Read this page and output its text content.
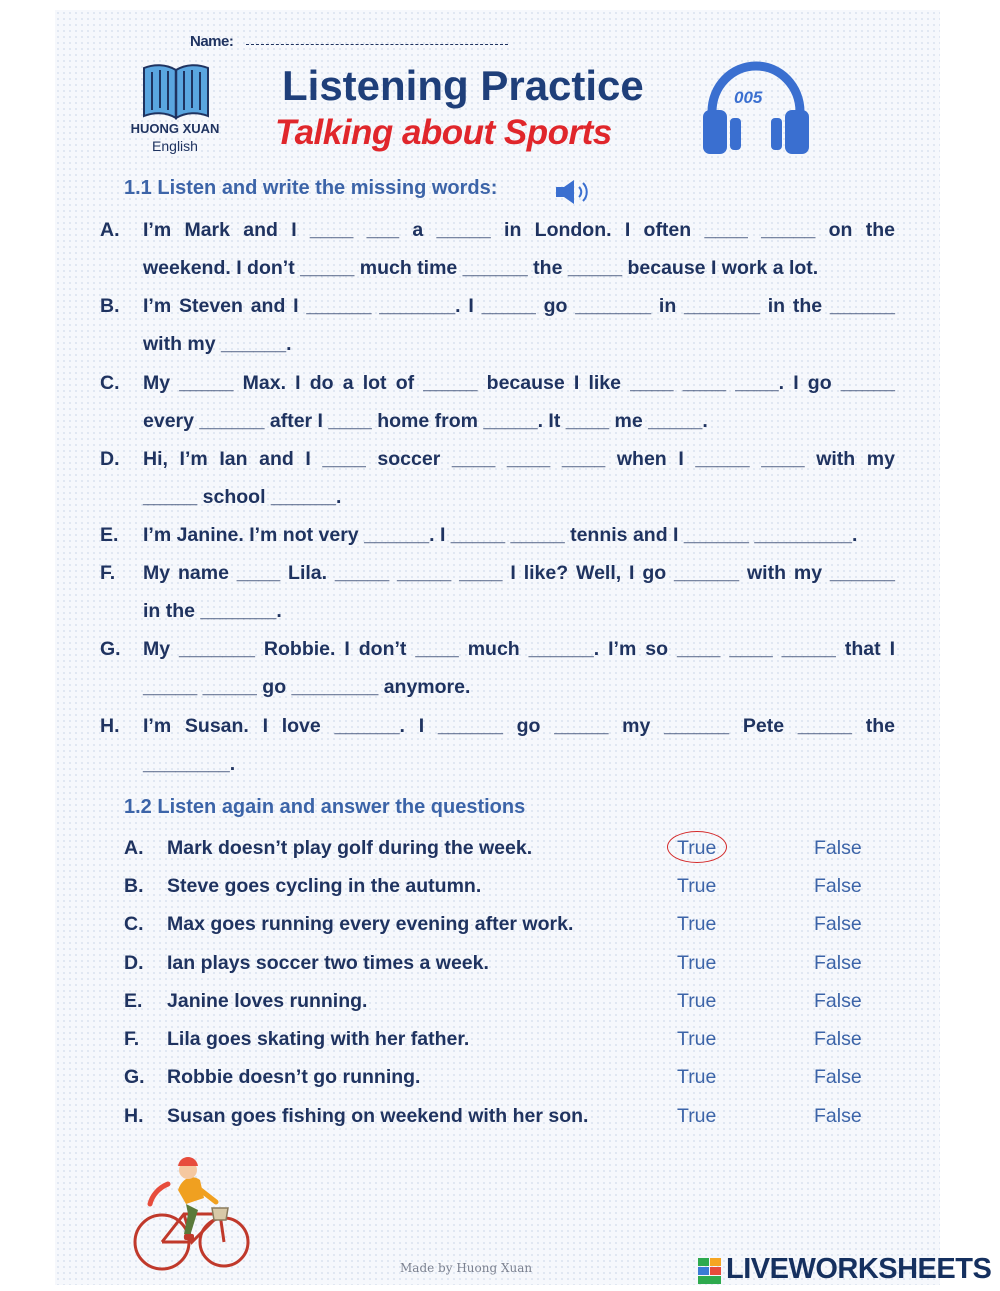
Name:
HUONG XUAN
English
Listening Practice
Talking about Sports
005
1.1 Listen and write the missing words:
A. I’m Mark and I ____ ___ a _____ in London. I often ____ _____ on the
weekend. I don’t _____ much time ______ the _____ because I work a lot.
B. I’m Steven and I ______ _______. I _____ go _______ in _______ in the ______
with my ______.
C. My _____ Max. I do a lot of _____ because I like ____ ____ ____. I go _____
every ______ after I ____ home from _____. It ____ me _____.
D. Hi, I’m Ian and I ____ soccer ____ ____ ____ when I _____ ____ with my
_____ school ______.
E. I’m Janine. I’m not very ______. I _____ _____ tennis and I ______ _________.
F. My name ____ Lila. _____ _____ ____ I like? Well, I go ______ with my ______
in the _______.
G. My _______ Robbie. I don’t ____ much ______. I’m so ____ ____ _____ that I
_____ _____ go ________ anymore.
H. I’m Susan. I love ______. I ______ go _____ my ______ Pete _____ the
________.
1.2 Listen again and answer the questions
A. Mark doesn’t play golf during the week.	True	False
B. Steve goes cycling in the autumn.	True	False
C. Max goes running every evening after work.	True	False
D. Ian plays soccer two times a week.	True	False
E. Janine loves running.	True	False
F. Lila goes skating with her father.	True	False
G. Robbie doesn’t go running.	True	False
H. Susan goes fishing on weekend with her son.	True	False
Made by Huong Xuan	LIVEWORKSHEETS
